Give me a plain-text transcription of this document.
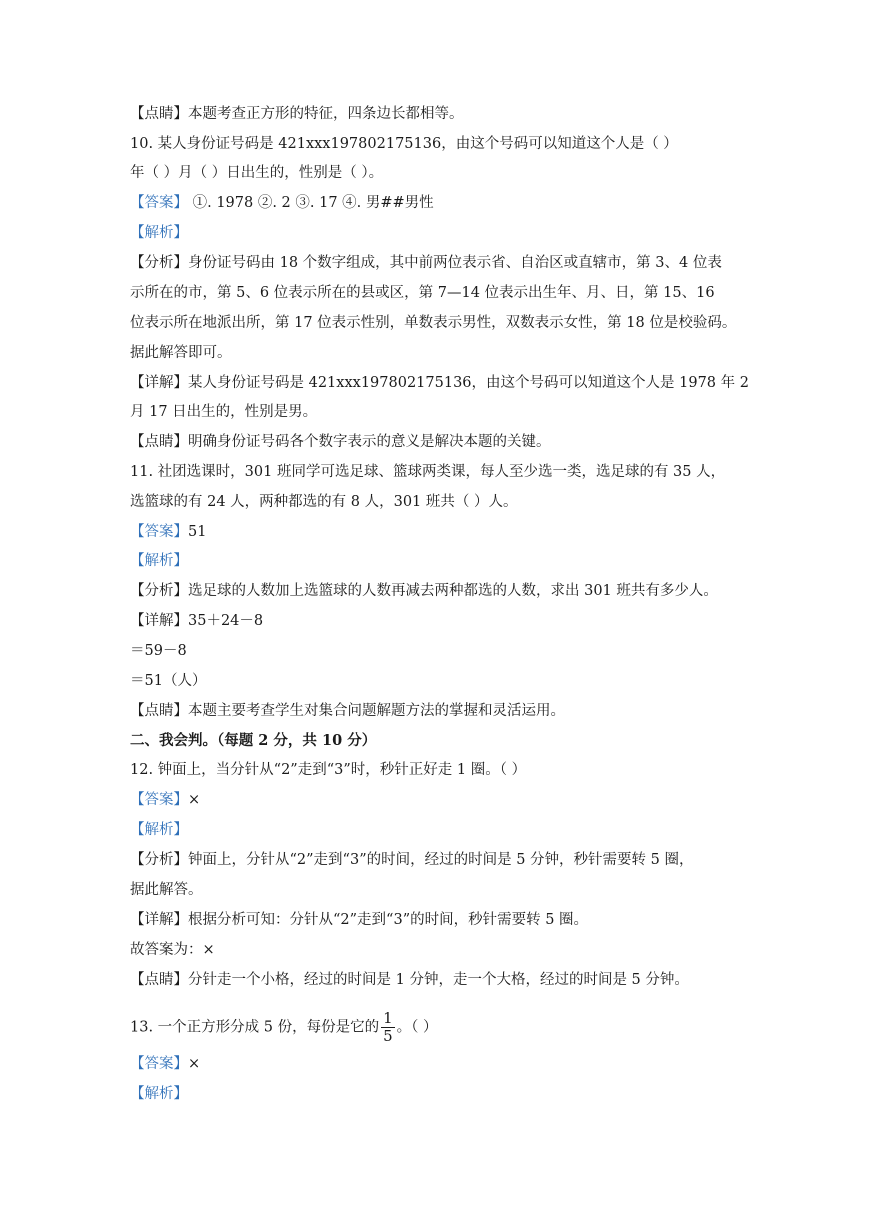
【点睛】本题考查正方形的特征，四条边长都相等。
10. 某人身份证号码是 421xxx197802175136，由这个号码可以知道这个人是（ ）
年（ ）月（ ）日出生的，性别是（ ）。
【答案】 ①. 1978 ②. 2 ③. 17 ④. 男##男性
【解析】
【分析】身份证号码由 18 个数字组成，其中前两位表示省、自治区或直辖市，第 3、4 位表
示所在的市，第 5、6 位表示所在的县或区，第 7—14 位表示出生年、月、日，第 15、16
位表示所在地派出所，第 17 位表示性别，单数表示男性，双数表示女性，第 18 位是校验码。
据此解答即可。
【详解】某人身份证号码是 421xxx197802175136，由这个号码可以知道这个人是 1978 年 2
月 17 日出生的，性别是男。
【点睛】明确身份证号码各个数字表示的意义是解决本题的关键。
11. 社团选课时，301 班同学可选足球、篮球两类课，每人至少选一类，选足球的有 35 人，
选篮球的有 24 人，两种都选的有 8 人，301 班共（ ）人。
【答案】51
【解析】
【分析】选足球的人数加上选篮球的人数再减去两种都选的人数，求出 301 班共有多少人。
【详解】35＋24－8
＝59－8
＝51（人）
【点睛】本题主要考查学生对集合问题解题方法的掌握和灵活运用。
二、我会判。（每题 2 分，共 10 分）
12. 钟面上，当分针从“2”走到“3”时，秒针正好走 1 圈。（ ）
【答案】×
【解析】
【分析】钟面上，分针从“2”走到“3”的时间，经过的时间是 5 分钟，秒针需要转 5 圈，
据此解答。
【详解】根据分析可知：分针从“2”走到“3”的时间，秒针需要转 5 圈。
故答案为：×
【点睛】分针走一个小格，经过的时间是 1 分钟，走一个大格，经过的时间是 5 分钟。
13. 一个正方形分成 5 份，每份是它的 $\frac{1}{5}$ 。（ ）
【答案】×
【解析】
